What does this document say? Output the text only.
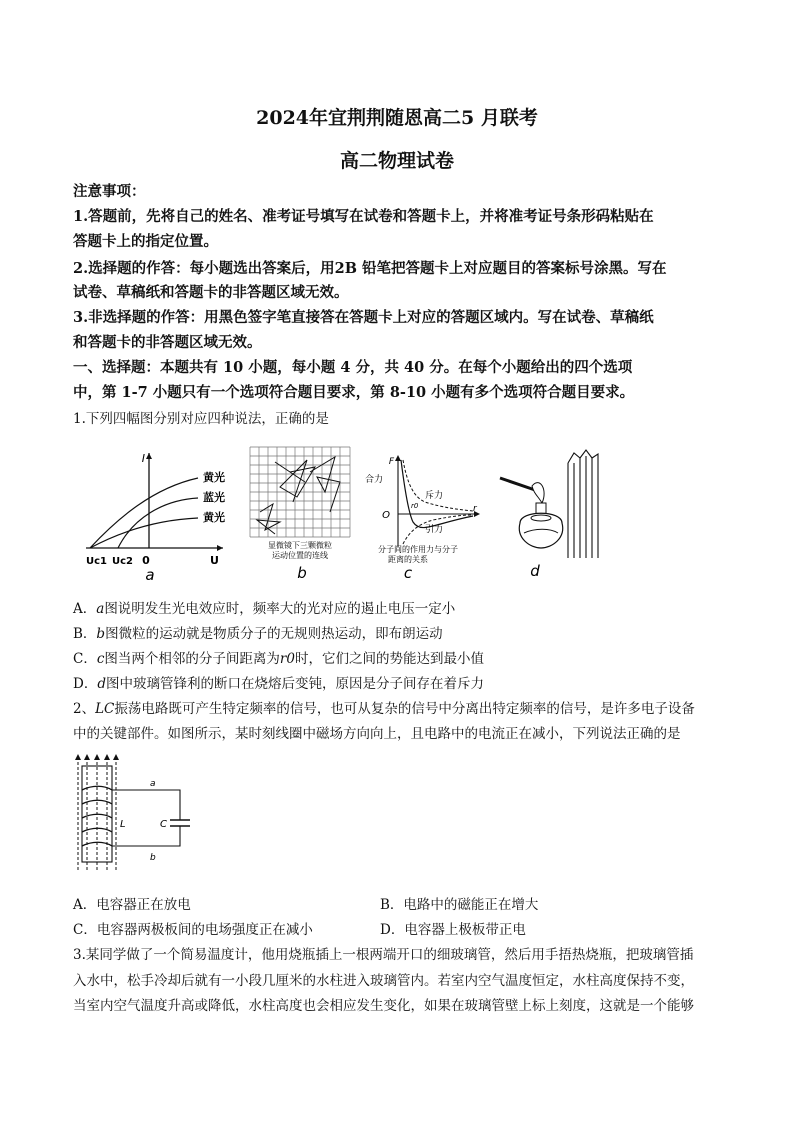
2024年宜荆荆随恩高二5 月联考
高二物理试卷
注意事项：
1.答题前，先将自己的姓名、准考证号填写在试卷和答题卡上，并将准考证号条形码粘贴在
答题卡上的指定位置。
2.选择题的作答：每小题选出答案后，用2B 铅笔把答题卡上对应题目的答案标号涂黑。写在
试卷、草稿纸和答题卡的非答题区域无效。
3.非选择题的作答：用黑色签字笔直接答在答题卡上对应的答题区域内。写在试卷、草稿纸
和答题卡的非答题区域无效。
一、选择题：本题共有 10 小题，每小题 4 分，共 40 分。在每个小题给出的四个选项
中，第 1-7 小题只有一个选项符合题目要求，第 8-10 小题有多个选项符合题目要求。
1.下列四幅图分别对应四种说法，正确的是
I
U
0
Uc1 Uc2
黄光
蓝光
黄光
a
显微镜下三颗微粒
运动位置的连线
b
F
r
O
r0
合力
斥力
引力
分子间的作用力与分子
距离的关系
c	d
A．a图说明发生光电效应时，频率大的光对应的遏止电压一定小
B．b图微粒的运动就是物质分子的无规则热运动，即布朗运动
C．c图当两个相邻的分子间距离为r0时，它们之间的势能达到最小值
D．d图中玻璃管锋利的断口在烧熔后变钝，原因是分子间存在着斥力
2、LC振荡电路既可产生特定频率的信号，也可从复杂的信号中分离出特定频率的信号，是许多电子设备
中的关键部件。如图所示，某时刻线圈中磁场方向向上，且电路中的电流正在减小，下列说法正确的是
a
b
L	C
A．电容器正在放电	B．电路中的磁能正在增大
C．电容器两极板间的电场强度正在减小	D．电容器上极板带正电
3.某同学做了一个简易温度计，他用烧瓶插上一根两端开口的细玻璃管，然后用手捂热烧瓶，把玻璃管插
入水中，松手冷却后就有一小段几厘米的水柱进入玻璃管内。若室内空气温度恒定，水柱高度保持不变，
当室内空气温度升高或降低，水柱高度也会相应发生变化，如果在玻璃管壁上标上刻度，这就是一个能够
